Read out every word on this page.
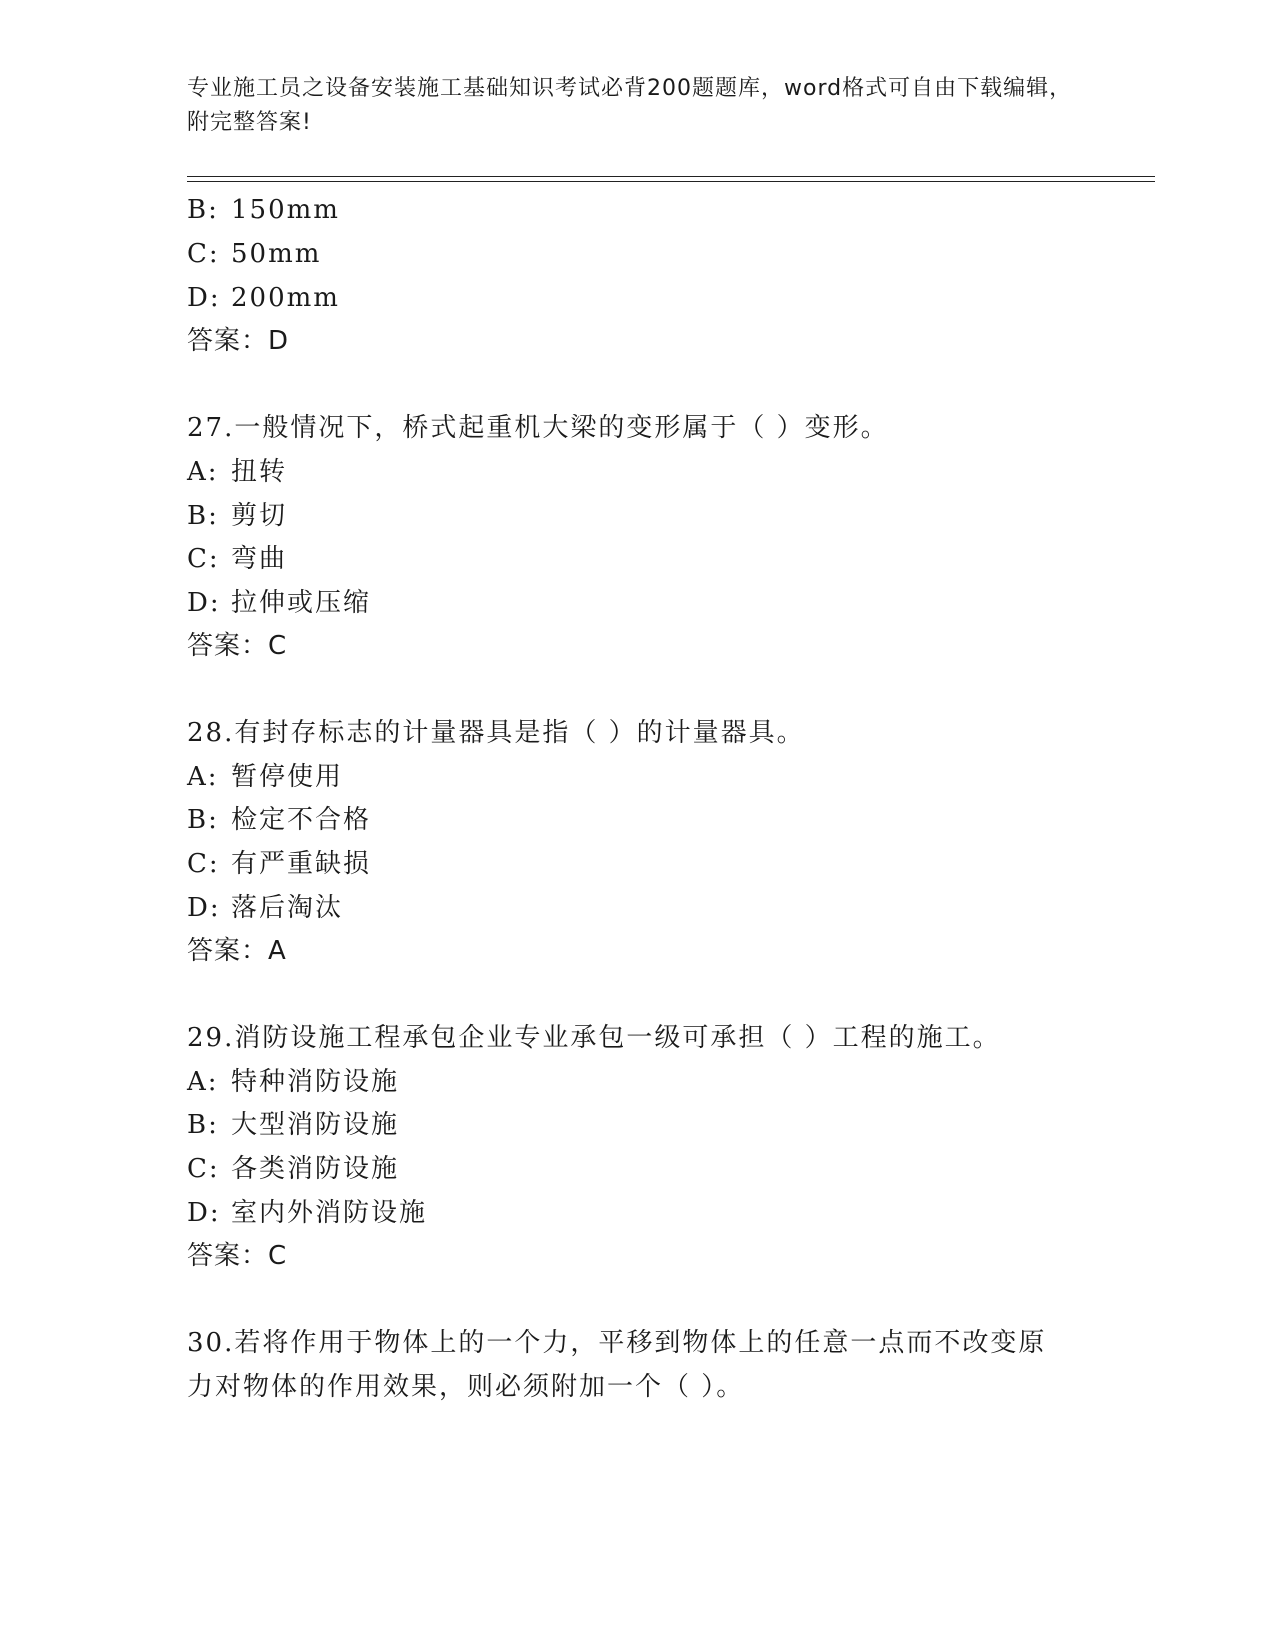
专业施工员之设备安装施工基础知识考试必背200题题库，word格式可自由下载编辑，附完整答案!
B: 150mm
C: 50mm
D: 200mm
答案：D
27.一般情况下，桥式起重机大梁的变形属于（ ）变形。
A: 扭转
B: 剪切
C: 弯曲
D: 拉伸或压缩
答案：C
28.有封存标志的计量器具是指（ ）的计量器具。
A: 暂停使用
B: 检定不合格
C: 有严重缺损
D: 落后淘汰
答案：A
29.消防设施工程承包企业专业承包一级可承担（ ）工程的施工。
A: 特种消防设施
B: 大型消防设施
C: 各类消防设施
D: 室内外消防设施
答案：C
30.若将作用于物体上的一个力，平移到物体上的任意一点而不改变原
力对物体的作用效果，则必须附加一个（ ）。
